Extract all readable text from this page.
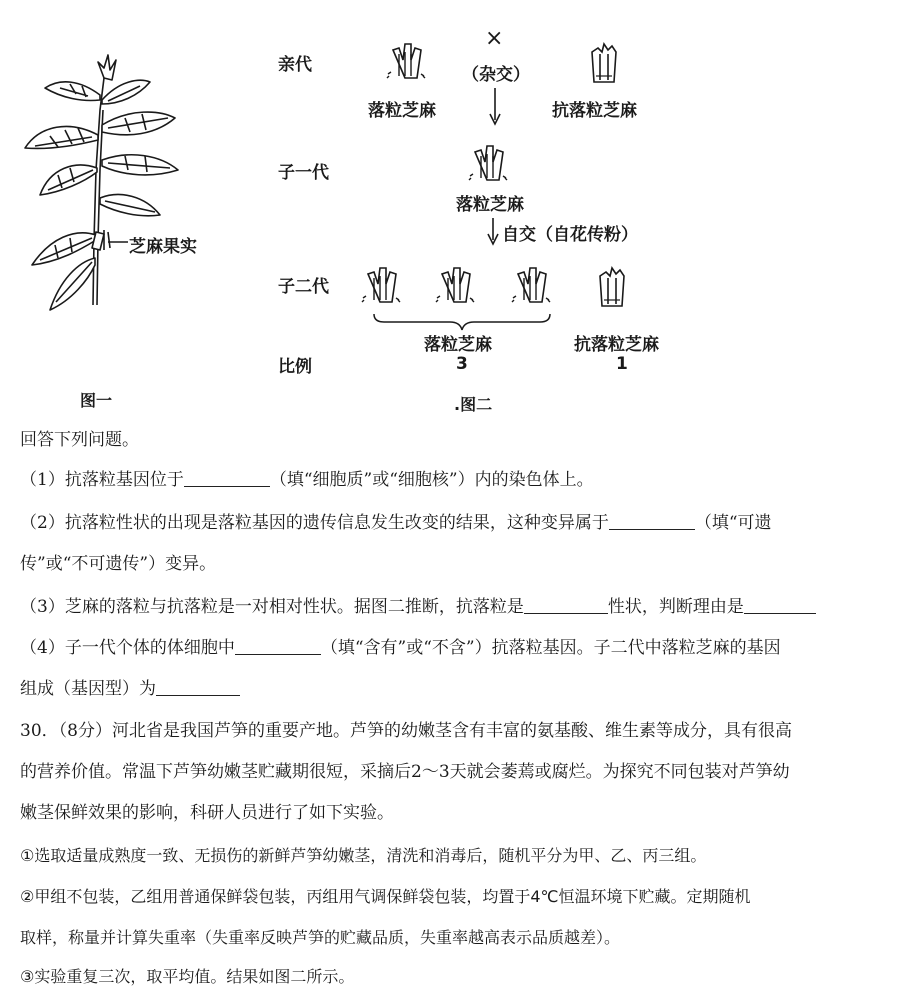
芝麻果实
图一
亲代
子一代
子二代
比例
×
（杂交）
落粒芝麻	抗落粒芝麻
落粒芝麻
自交（自花传粉）
落粒芝麻	抗落粒芝麻
3	1
.图二
回答下列问题。
（1）抗落粒基因位于	（填“细胞质”或“细胞核”）内的染色体上。
（2）抗落粒性状的出现是落粒基因的遗传信息发生改变的结果，这种变异属于	（填“可遗
传”或“不可遗传”）变异。
（3）芝麻的落粒与抗落粒是一对相对性状。据图二推断，抗落粒是	性状，判断理由是
（4）子一代个体的体细胞中	（填“含有”或“不含”）抗落粒基因。子二代中落粒芝麻的基因
组成（基因型）为
30．（8分）河北省是我国芦笋的重要产地。芦笋的幼嫩茎含有丰富的氨基酸、维生素等成分，具有很高
的营养价值。常温下芦笋幼嫩茎贮藏期很短，采摘后2～3天就会萎蔫或腐烂。为探究不同包装对芦笋幼
嫩茎保鲜效果的影响，科研人员进行了如下实验。
①选取适量成熟度一致、无损伤的新鲜芦笋幼嫩茎，清洗和消毒后，随机平分为甲、乙、丙三组。
②甲组不包装，乙组用普通保鲜袋包装，丙组用气调保鲜袋包装，均置于4℃恒温环境下贮藏。定期随机
取样，称量并计算失重率（失重率反映芦笋的贮藏品质，失重率越高表示品质越差）。
③实验重复三次，取平均值。结果如图二所示。
